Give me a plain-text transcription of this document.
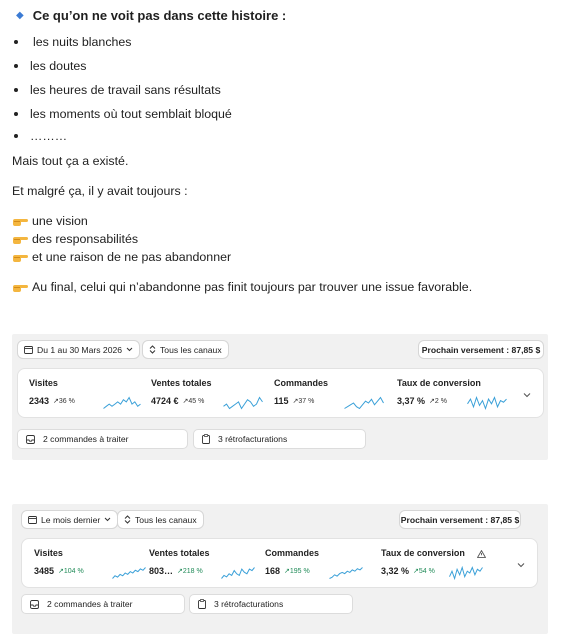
◆ Ce qu’on ne voit pas dans cette histoire :
les nuits blanches
les doutes
les heures de travail sans résultats
les moments où tout semblait bloqué
………
Mais tout ça a existé.
Et malgré ça, il y avait toujours :
une vision
des responsabilités
et une raison de ne pas abandonner
Au final, celui qui n’abandonne pas finit toujours par trouver une issue favorable.
Du 1 au 30 Mars 2026	Tous les canaux	Prochain versement : 87,85 $
Visites
2343 ↗36 %
Ventes totales
4724 € ↗45 %
Commandes
115 ↗37 %
Taux de conversion
3,37 % ↗2 %
2 commandes à traiter	3 rétrofacturations
Le mois dernier	Tous les canaux	Prochain versement : 87,85 $
Visites
3485 ↗104 %
Ventes totales
803… ↗218 %
Commandes
168 ↗195 %
Taux de conversion
3,32 % ↗54 %
2 commandes à traiter	3 rétrofacturations
